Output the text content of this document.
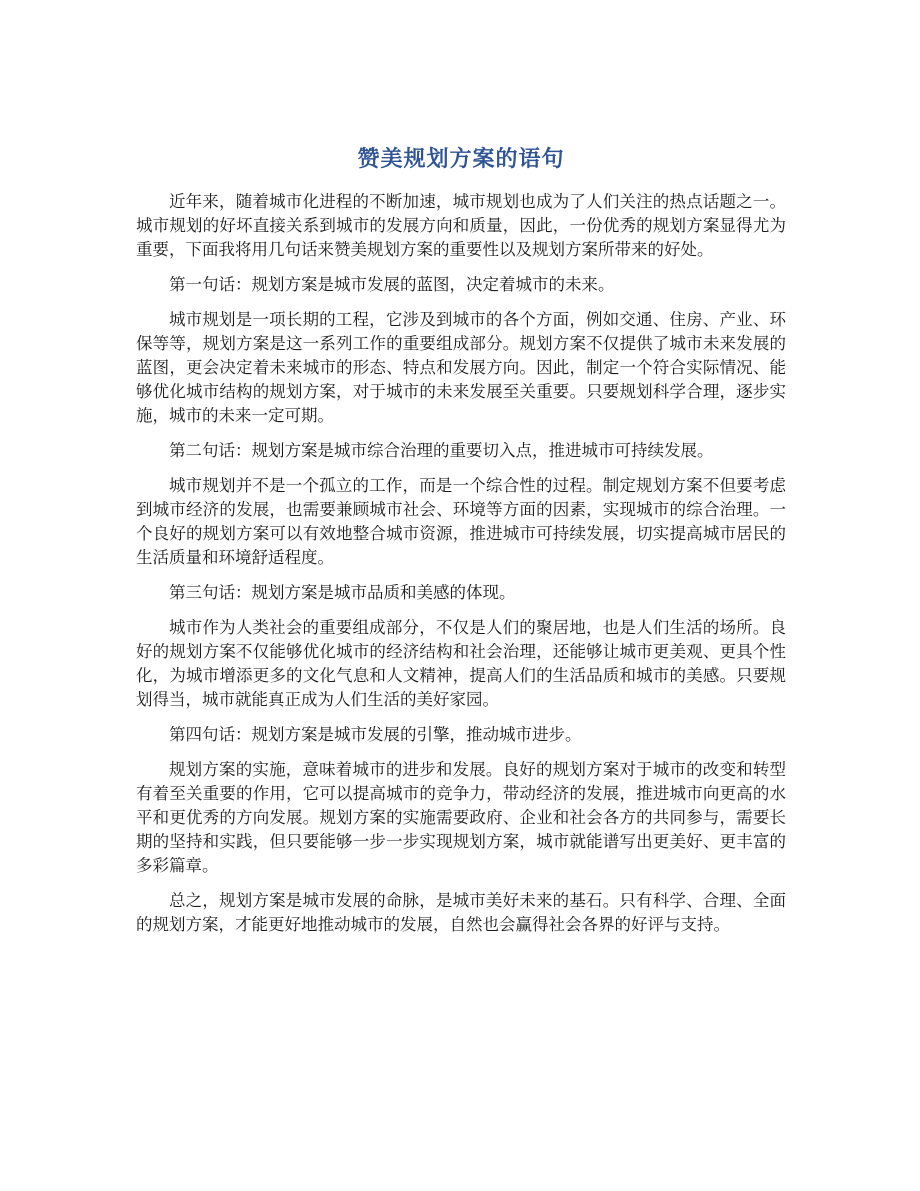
赞美规划方案的语句

近年来，随着城市化进程的不断加速，城市规划也成为了人们关注的热点话题之一。城市规划的好坏直接关系到城市的发展方向和质量，因此，一份优秀的规划方案显得尤为重要，下面我将用几句话来赞美规划方案的重要性以及规划方案所带来的好处。

第一句话：规划方案是城市发展的蓝图，决定着城市的未来。

城市规划是一项长期的工程，它涉及到城市的各个方面，例如交通、住房、产业、环保等等，规划方案是这一系列工作的重要组成部分。规划方案不仅提供了城市未来发展的蓝图，更会决定着未来城市的形态、特点和发展方向。因此，制定一个符合实际情况、能够优化城市结构的规划方案，对于城市的未来发展至关重要。只要规划科学合理，逐步实施，城市的未来一定可期。

第二句话：规划方案是城市综合治理的重要切入点，推进城市可持续发展。

城市规划并不是一个孤立的工作，而是一个综合性的过程。制定规划方案不但要考虑到城市经济的发展，也需要兼顾城市社会、环境等方面的因素，实现城市的综合治理。一个良好的规划方案可以有效地整合城市资源，推进城市可持续发展，切实提高城市居民的生活质量和环境舒适程度。

第三句话：规划方案是城市品质和美感的体现。

城市作为人类社会的重要组成部分，不仅是人们的聚居地，也是人们生活的场所。良好的规划方案不仅能够优化城市的经济结构和社会治理，还能够让城市更美观、更具个性化，为城市增添更多的文化气息和人文精神，提高人们的生活品质和城市的美感。只要规划得当，城市就能真正成为人们生活的美好家园。

第四句话：规划方案是城市发展的引擎，推动城市进步。

规划方案的实施，意味着城市的进步和发展。良好的规划方案对于城市的改变和转型有着至关重要的作用，它可以提高城市的竞争力，带动经济的发展，推进城市向更高的水平和更优秀的方向发展。规划方案的实施需要政府、企业和社会各方的共同参与，需要长期的坚持和实践，但只要能够一步一步实现规划方案，城市就能谱写出更美好、更丰富的多彩篇章。

总之，规划方案是城市发展的命脉，是城市美好未来的基石。只有科学、合理、全面的规划方案，才能更好地推动城市的发展，自然也会赢得社会各界的好评与支持。
